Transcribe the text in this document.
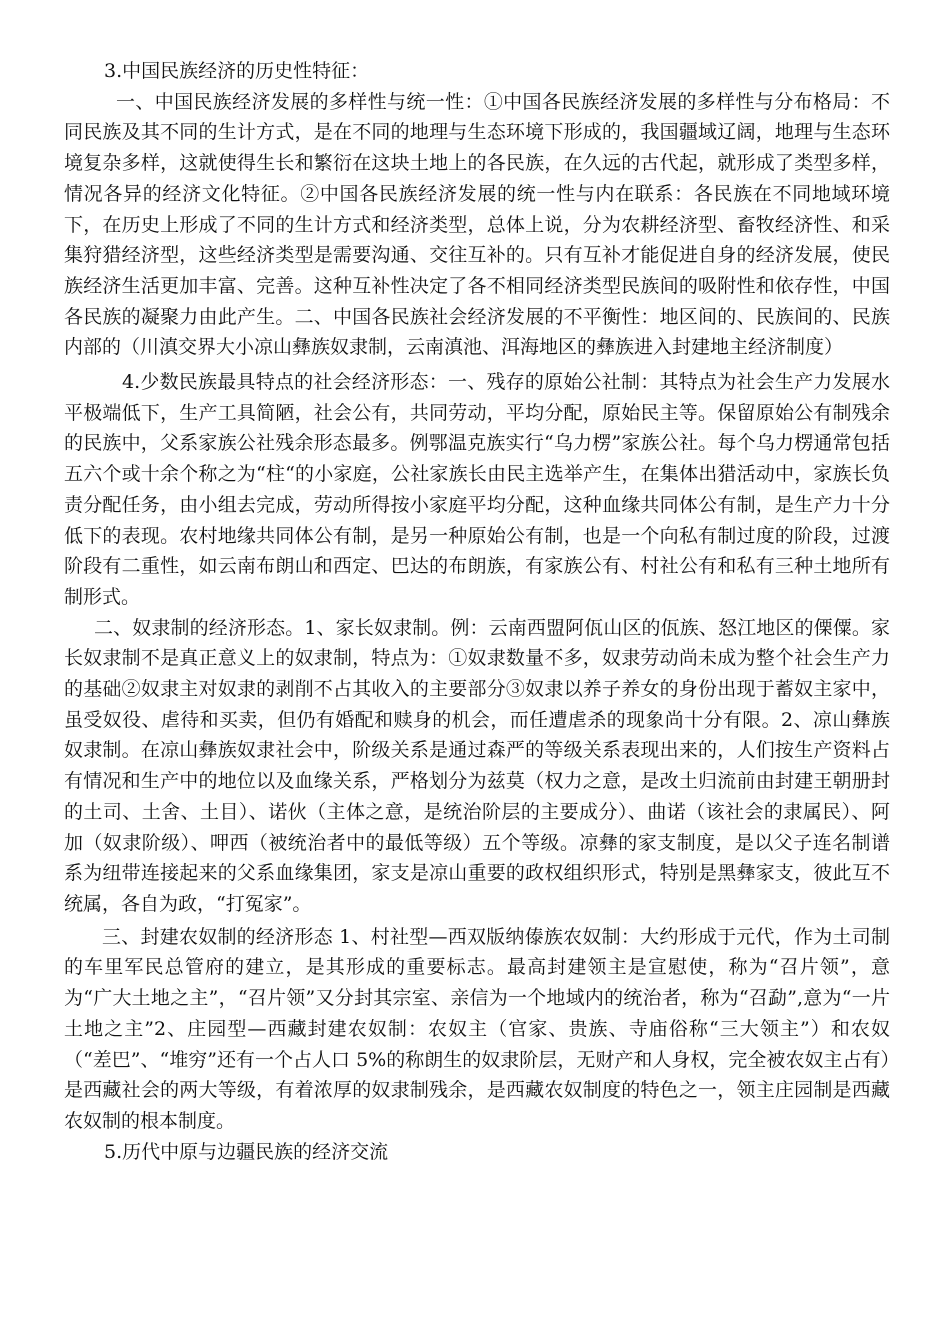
3.中国民族经济的历史性特征：

一、中国民族经济发展的多样性与统一性：①中国各民族经济发展的多样性与分布格局：不同民族及其不同的生计方式，是在不同的地理与生态环境下形成的，我国疆域辽阔，地理与生态环境复杂多样，这就使得生长和繁衍在这块土地上的各民族，在久远的古代起，就形成了类型多样，情况各异的经济文化特征。②中国各民族经济发展的统一性与内在联系：各民族在不同地域环境下，在历史上形成了不同的生计方式和经济类型，总体上说，分为农耕经济型、畜牧经济性、和采集狩猎经济型，这些经济类型是需要沟通、交往互补的。只有互补才能促进自身的经济发展，使民族经济生活更加丰富、完善。这种互补性决定了各不相同经济类型民族间的吸附性和依存性，中国各民族的凝聚力由此产生。二、中国各民族社会经济发展的不平衡性：地区间的、民族间的、民族内部的（川滇交界大小凉山彝族奴隶制，云南滇池、洱海地区的彝族进入封建地主经济制度）

4.少数民族最具特点的社会经济形态：一、残存的原始公社制：其特点为社会生产力发展水平极端低下，生产工具简陋，社会公有，共同劳动，平均分配，原始民主等。保留原始公有制残余的民族中，父系家族公社残余形态最多。例鄂温克族实行“乌力楞”家族公社。每个乌力楞通常包括五六个或十余个称之为“柱“的小家庭，公社家族长由民主选举产生，在集体出猎活动中，家族长负责分配任务，由小组去完成，劳动所得按小家庭平均分配，这种血缘共同体公有制，是生产力十分低下的表现。农村地缘共同体公有制，是另一种原始公有制，也是一个向私有制过度的阶段，过渡阶段有二重性，如云南布朗山和西定、巴达的布朗族，有家族公有、村社公有和私有三种土地所有制形式。

二、奴隶制的经济形态。1、家长奴隶制。例：云南西盟阿佤山区的佤族、怒江地区的傈僳。家长奴隶制不是真正意义上的奴隶制，特点为：①奴隶数量不多，奴隶劳动尚未成为整个社会生产力的基础②奴隶主对奴隶的剥削不占其收入的主要部分③奴隶以养子养女的身份出现于蓄奴主家中，虽受奴役、虐待和买卖，但仍有婚配和赎身的机会，而任遭虐杀的现象尚十分有限。2、凉山彝族奴隶制。在凉山彝族奴隶社会中，阶级关系是通过森严的等级关系表现出来的，人们按生产资料占有情况和生产中的地位以及血缘关系，严格划分为兹莫（权力之意，是改土归流前由封建王朝册封的土司、土舍、土目）、诺伙（主体之意，是统治阶层的主要成分）、曲诺（该社会的隶属民）、阿加（奴隶阶级）、呷西（被统治者中的最低等级）五个等级。凉彝的家支制度，是以父子连名制谱系为纽带连接起来的父系血缘集团，家支是凉山重要的政权组织形式，特别是黑彝家支，彼此互不统属，各自为政，“打冤家”。

三、封建农奴制的经济形态 1、村社型—西双版纳傣族农奴制：大约形成于元代，作为土司制的车里军民总管府的建立，是其形成的重要标志。最高封建领主是宣慰使，称为“召片领”，意为“广大土地之主”，“召片领”又分封其宗室、亲信为一个地域内的统治者，称为“召勐”,意为“一片土地之主”2、庄园型—西藏封建农奴制：农奴主（官家、贵族、寺庙俗称“三大领主”）和农奴（“差巴”、“堆穷”还有一个占人口 5%的称朗生的奴隶阶层，无财产和人身权，完全被农奴主占有）是西藏社会的两大等级，有着浓厚的奴隶制残余，是西藏农奴制度的特色之一，领主庄园制是西藏农奴制的根本制度。

5.历代中原与边疆民族的经济交流
